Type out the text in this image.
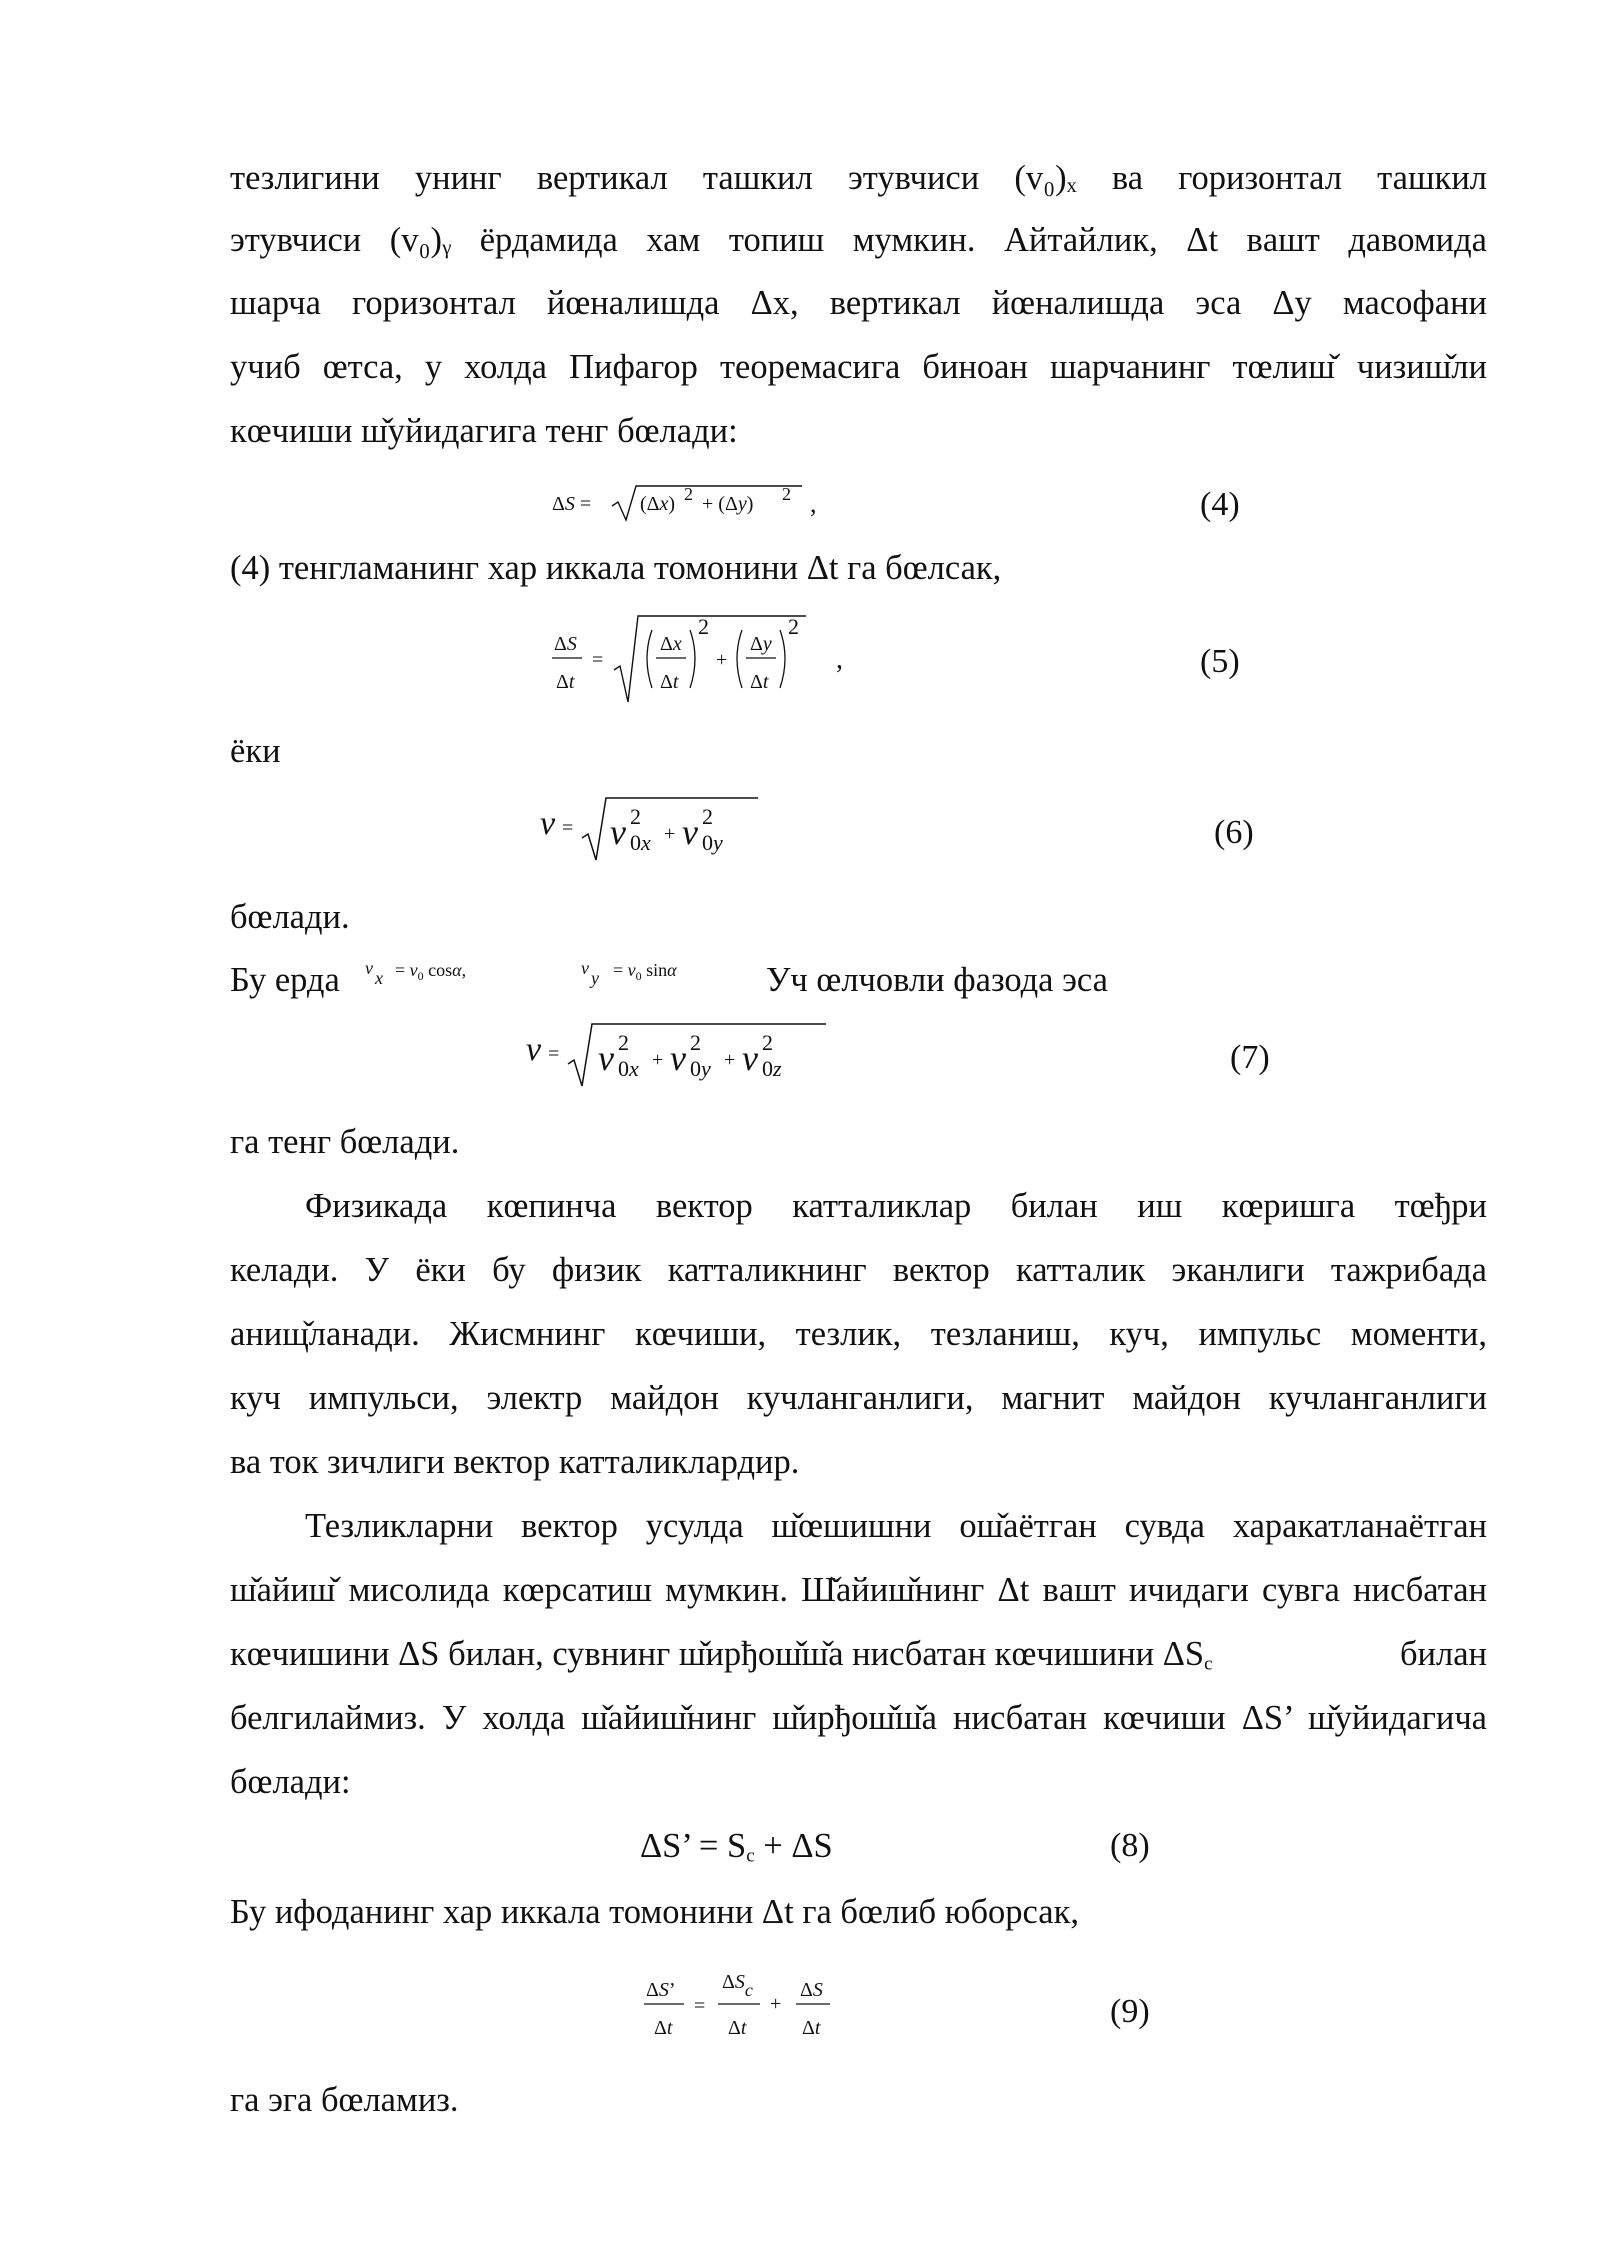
тезлигини унинг вертикал ташкил этувчиси (v₀)ₓ ва горизонтал ташкил
этувчиси (v₀)ᵧ ёрдамида хам топиш мумкин. Айтайлик, Δt вaшт давомида
шарча горизонтал йœналишда Δx, вертикал йœналишда эса Δy масофани
учиб œтса, у холда Пифагор теоремасига биноан шарчанинг тœлиш̌ чизиш̌ли
кœчиши ш̌уйидагига тенг бœлади:
ΔS = (Δx) 2 + (Δy) 2 ,	(4)
(4) тенгламанинг хар иккала томонини Δt га бœлсак,
ΔS
Δt
=
Δx
Δt
2
+
Δy
Δt
2
,	(5)
ёки
v = v 2
0x + v 2
0y	(6)
бœлади.
Бу ерда v $x = v_0$ cosα,	v $y = v_0$ sinα	Уч œлчовли фазода эса
v = v 2
0x + v 2
0y + v 2
0z	(7)
га тенг бœлади.
Физикада кœпинча вектор катталиклар билан иш кœришга тœђри
келади. У ёки бу физик катталикнинг вектор катталик эканлиги тажрибада
анищ̌ланади. Жисмнинг кœчиши, тезлик, тезланиш, куч, импульс моменти,
куч импульси, электр майдон кучланганлиги, магнит майдон кучланганлиги
ва ток зичлиги вектор катталиклардир.
Тезликларни вектор усулда ш̌œшишни ош̌аётган сувда харакатланаётган
ш̌айиш̌ мисолида кœрсатиш мумкин. Ш̌айиш̌нинг Δt вaшт ичидаги сувга нисбатан
кœчишини ΔS билан, сувнинг ш̌ирђош̌ш̌а нисбатан кœчишини $\Delta S_c$	билан
белгилаймиз. У холда ш̌айиш̌нинг ш̌ирђош̌ш̌а нисбатан кœчиши ΔS’ ш̌уйидагича
бœлади:
ΔS’ = $S_c + \Delta S$	(8)
Бу ифоданинг хар иккала томонини Δt га бœлиб юборсак,
ΔS’
Δt
=
ΔSc
Δt
+
ΔS
Δt	(9)
га эга бœламиз.
